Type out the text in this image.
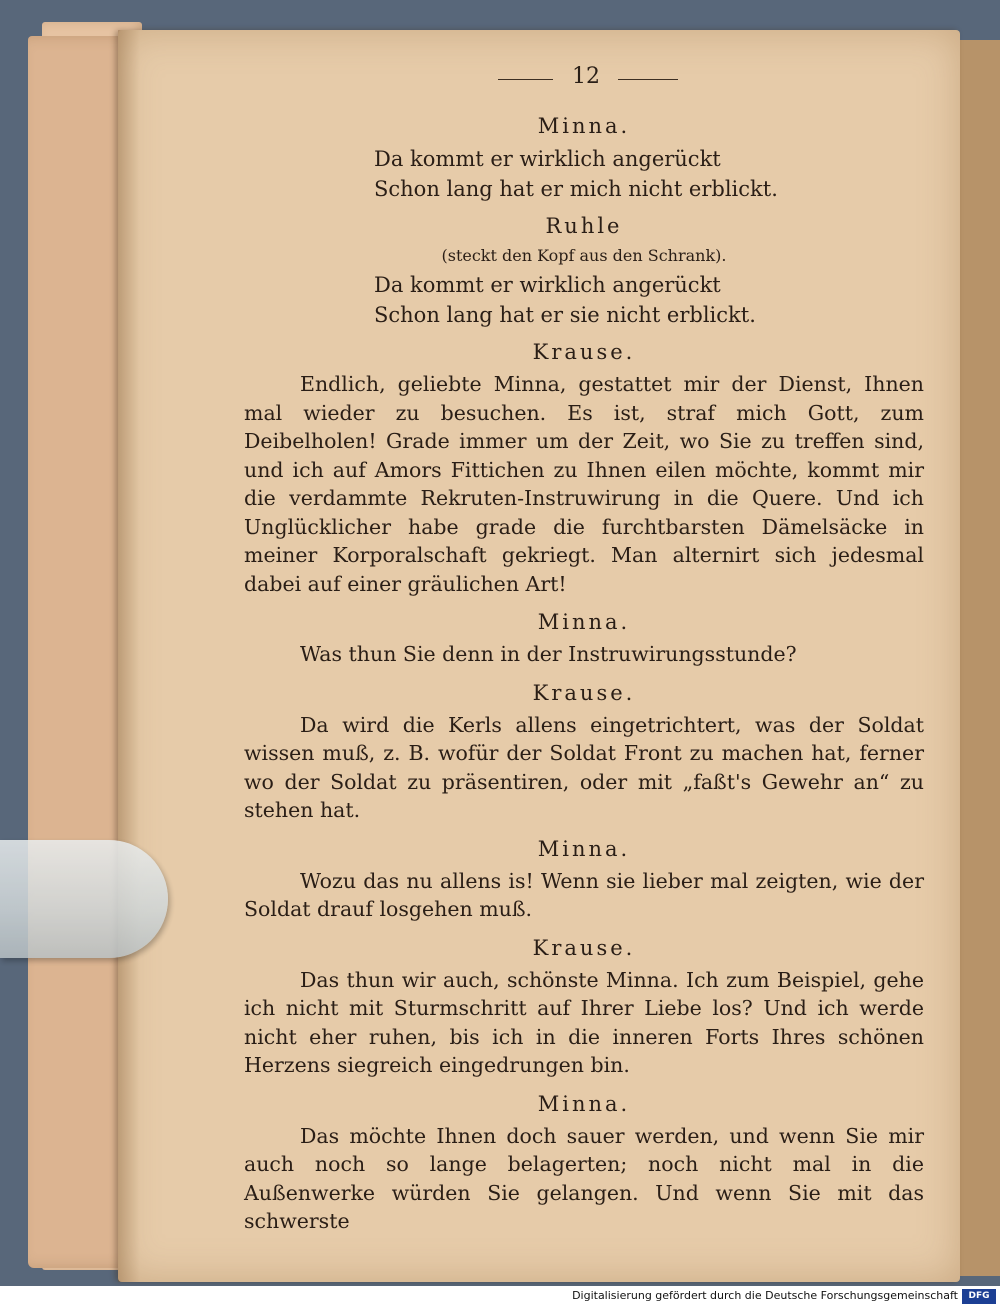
12
Minna.
Da kommt er wirklich angerückt
Schon lang hat er mich nicht erblickt.
Ruhle
(steckt den Kopf aus den Schrank).
Da kommt er wirklich angerückt
Schon lang hat er sie nicht erblickt.
Krause.
Endlich, geliebte Minna, gestattet mir der Dienst, Ihnen mal wieder zu besuchen. Es ist, straf mich Gott, zum Deibelholen! Grade immer um der Zeit, wo Sie zu treffen sind, und ich auf Amors Fittichen zu Ihnen eilen möchte, kommt mir die verdammte Rekruten-Instruwirung in die Quere. Und ich Unglücklicher habe grade die furchtbarsten Dämelsäcke in meiner Korporalschaft gekriegt. Man alternirt sich jedesmal dabei auf einer gräulichen Art!
Minna.
Was thun Sie denn in der Instruwirungsstunde?
Krause.
Da wird die Kerls allens eingetrichtert, was der Soldat wissen muß, z. B. wofür der Soldat Front zu machen hat, ferner wo der Soldat zu präsentiren, oder mit „faßt's Gewehr an“ zu stehen hat.
Minna.
Wozu das nu allens is! Wenn sie lieber mal zeigten, wie der Soldat drauf losgehen muß.
Krause.
Das thun wir auch, schönste Minna. Ich zum Beispiel, gehe ich nicht mit Sturmschritt auf Ihrer Liebe los? Und ich werde nicht eher ruhen, bis ich in die inneren Forts Ihres schönen Herzens siegreich eingedrungen bin.
Minna.
Das möchte Ihnen doch sauer werden, und wenn Sie mir auch noch so lange belagerten; noch nicht mal in die Außenwerke würden Sie gelangen. Und wenn Sie mit das schwerste
Digitalisierung gefördert durch die Deutsche Forschungsgemeinschaft	DFG
